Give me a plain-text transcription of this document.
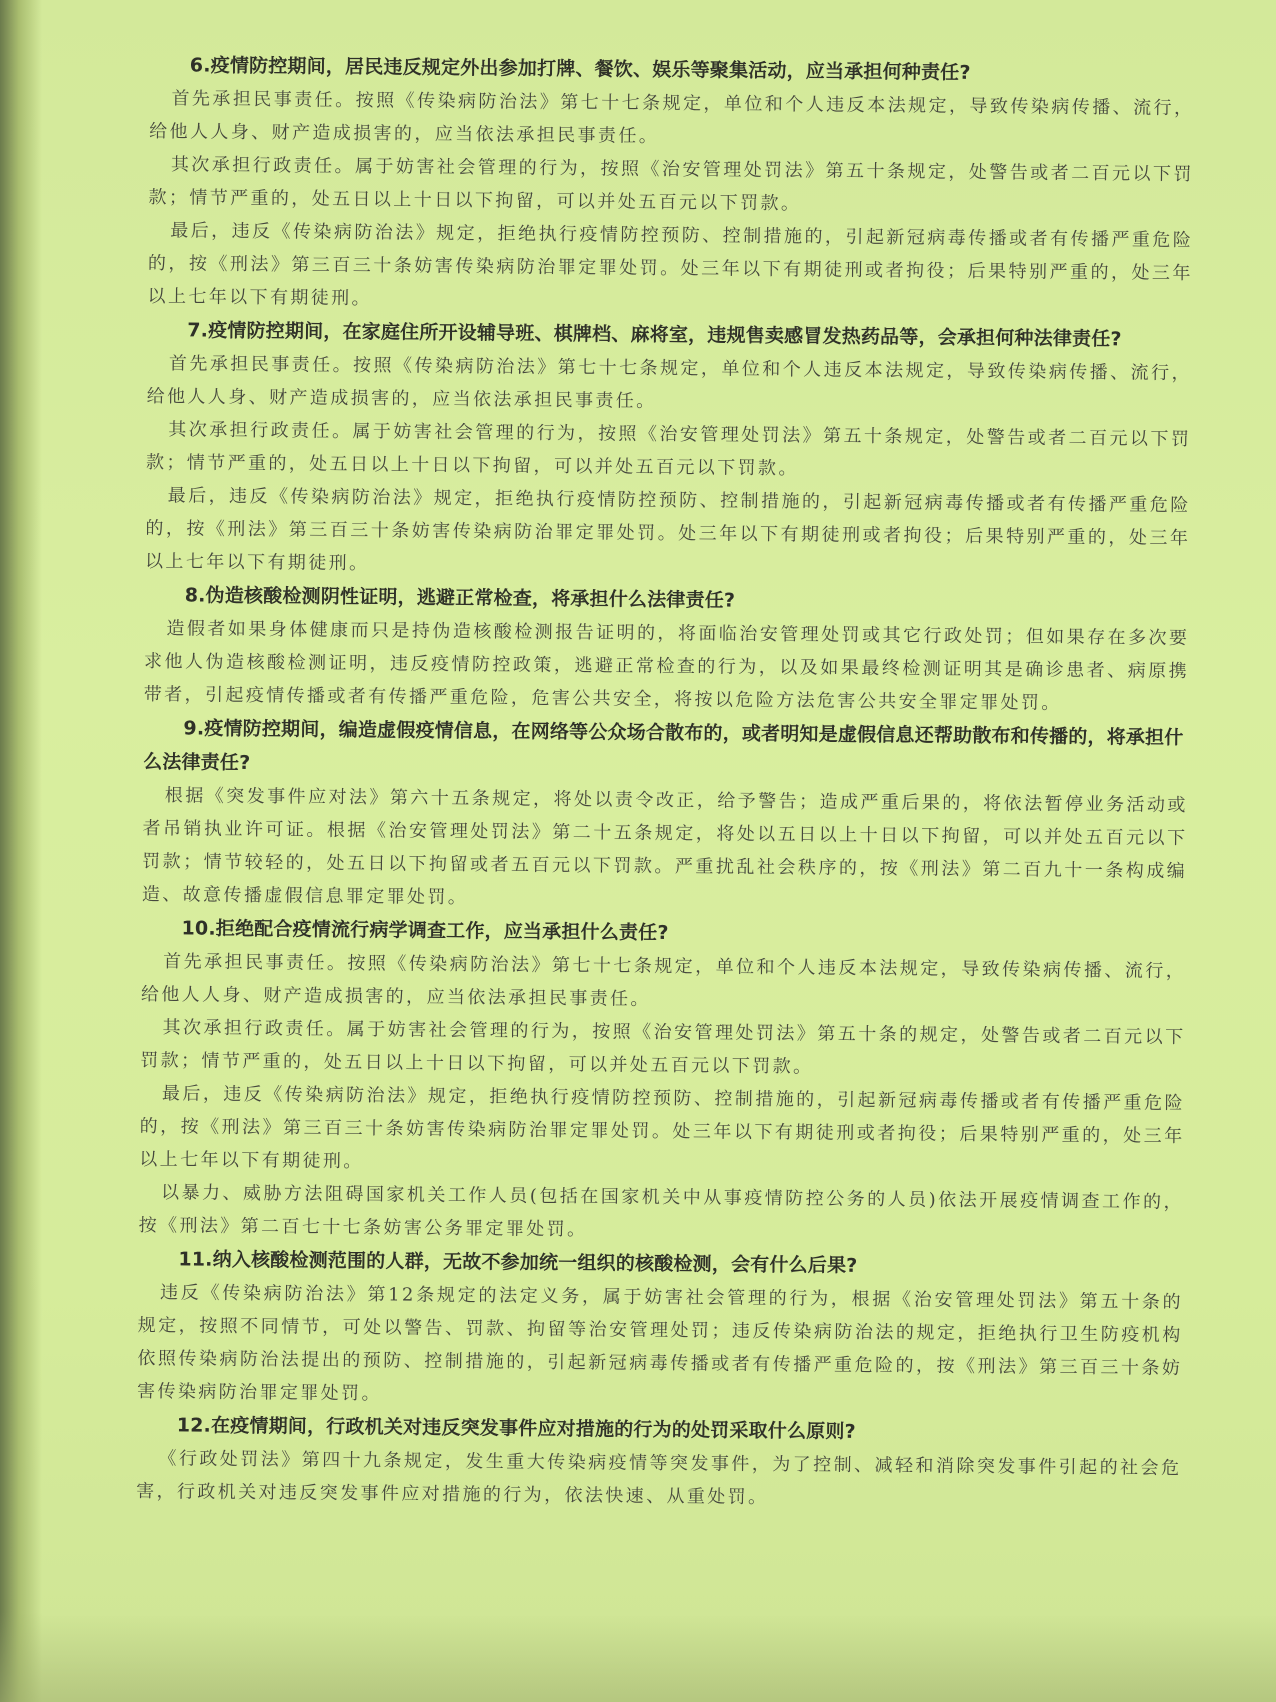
6.疫情防控期间，居民违反规定外出参加打牌、餐饮、娱乐等聚集活动，应当承担何种责任?

首先承担民事责任。按照《传染病防治法》第七十七条规定，单位和个人违反本法规定，导致传染病传播、流行，给他人人身、财产造成损害的，应当依法承担民事责任。

其次承担行政责任。属于妨害社会管理的行为，按照《治安管理处罚法》第五十条规定，处警告或者二百元以下罚款；情节严重的，处五日以上十日以下拘留，可以并处五百元以下罚款。

最后，违反《传染病防治法》规定，拒绝执行疫情防控预防、控制措施的，引起新冠病毒传播或者有传播严重危险的，按《刑法》第三百三十条妨害传染病防治罪定罪处罚。处三年以下有期徒刑或者拘役；后果特别严重的，处三年以上七年以下有期徒刑。

7.疫情防控期间，在家庭住所开设辅导班、棋牌档、麻将室，违规售卖感冒发热药品等，会承担何种法律责任?

首先承担民事责任。按照《传染病防治法》第七十七条规定，单位和个人违反本法规定，导致传染病传播、流行，给他人人身、财产造成损害的，应当依法承担民事责任。

其次承担行政责任。属于妨害社会管理的行为，按照《治安管理处罚法》第五十条规定，处警告或者二百元以下罚款；情节严重的，处五日以上十日以下拘留，可以并处五百元以下罚款。

最后，违反《传染病防治法》规定，拒绝执行疫情防控预防、控制措施的，引起新冠病毒传播或者有传播严重危险的，按《刑法》第三百三十条妨害传染病防治罪定罪处罚。处三年以下有期徒刑或者拘役；后果特别严重的，处三年以上七年以下有期徒刑。

8.伪造核酸检测阴性证明，逃避正常检查，将承担什么法律责任?

造假者如果身体健康而只是持伪造核酸检测报告证明的，将面临治安管理处罚或其它行政处罚；但如果存在多次要求他人伪造核酸检测证明，违反疫情防控政策，逃避正常检查的行为，以及如果最终检测证明其是确诊患者、病原携带者，引起疫情传播或者有传播严重危险，危害公共安全，将按以危险方法危害公共安全罪定罪处罚。

9.疫情防控期间，编造虚假疫情信息，在网络等公众场合散布的，或者明知是虚假信息还帮助散布和传播的，将承担什么法律责任?

根据《突发事件应对法》第六十五条规定，将处以责令改正，给予警告；造成严重后果的，将依法暂停业务活动或者吊销执业许可证。根据《治安管理处罚法》第二十五条规定，将处以五日以上十日以下拘留，可以并处五百元以下罚款；情节较轻的，处五日以下拘留或者五百元以下罚款。严重扰乱社会秩序的，按《刑法》第二百九十一条构成编造、故意传播虚假信息罪定罪处罚。

10.拒绝配合疫情流行病学调查工作，应当承担什么责任?

首先承担民事责任。按照《传染病防治法》第七十七条规定，单位和个人违反本法规定，导致传染病传播、流行，给他人人身、财产造成损害的，应当依法承担民事责任。

其次承担行政责任。属于妨害社会管理的行为，按照《治安管理处罚法》第五十条的规定，处警告或者二百元以下罚款；情节严重的，处五日以上十日以下拘留，可以并处五百元以下罚款。

最后，违反《传染病防治法》规定，拒绝执行疫情防控预防、控制措施的，引起新冠病毒传播或者有传播严重危险的，按《刑法》第三百三十条妨害传染病防治罪定罪处罚。处三年以下有期徒刑或者拘役；后果特别严重的，处三年以上七年以下有期徒刑。

以暴力、威胁方法阻碍国家机关工作人员(包括在国家机关中从事疫情防控公务的人员)依法开展疫情调查工作的，按《刑法》第二百七十七条妨害公务罪定罪处罚。

11.纳入核酸检测范围的人群，无故不参加统一组织的核酸检测，会有什么后果?

违反《传染病防治法》第12条规定的法定义务，属于妨害社会管理的行为，根据《治安管理处罚法》第五十条的规定，按照不同情节，可处以警告、罚款、拘留等治安管理处罚；违反传染病防治法的规定，拒绝执行卫生防疫机构依照传染病防治法提出的预防、控制措施的，引起新冠病毒传播或者有传播严重危险的，按《刑法》第三百三十条妨害传染病防治罪定罪处罚。

12.在疫情期间，行政机关对违反突发事件应对措施的行为的处罚采取什么原则?

《行政处罚法》第四十九条规定，发生重大传染病疫情等突发事件，为了控制、减轻和消除突发事件引起的社会危害，行政机关对违反突发事件应对措施的行为，依法快速、从重处罚。
